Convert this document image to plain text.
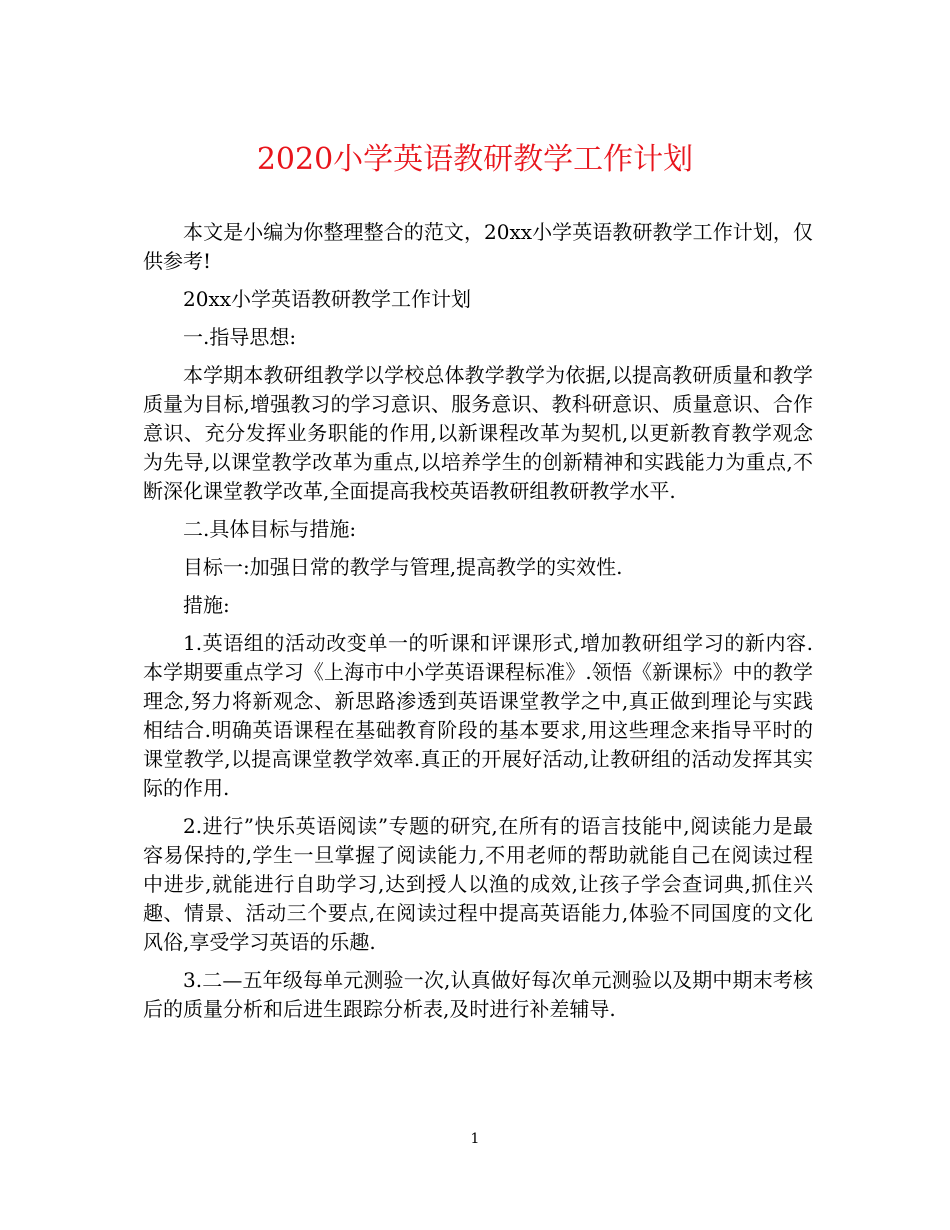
2020小学英语教研教学工作计划

本文是小编为你整理整合的范文，20xx小学英语教研教学工作计划，仅供参考!

20xx小学英语教研教学工作计划

一.指导思想:

本学期本教研组教学以学校总体教学教学为依据,以提高教研质量和教学质量为目标,增强教习的学习意识、服务意识、教科研意识、质量意识、合作意识、充分发挥业务职能的作用,以新课程改革为契机,以更新教育教学观念为先导,以课堂教学改革为重点,以培养学生的创新精神和实践能力为重点,不断深化课堂教学改革,全面提高我校英语教研组教研教学水平.

二.具体目标与措施:

目标一:加强日常的教学与管理,提高教学的实效性.

措施:

1.英语组的活动改变单一的听课和评课形式,增加教研组学习的新内容.本学期要重点学习《上海市中小学英语课程标准》.领悟《新课标》中的教学理念,努力将新观念、新思路渗透到英语课堂教学之中,真正做到理论与实践相结合.明确英语课程在基础教育阶段的基本要求,用这些理念来指导平时的课堂教学,以提高课堂教学效率.真正的开展好活动,让教研组的活动发挥其实际的作用.

2.进行”快乐英语阅读”专题的研究,在所有的语言技能中,阅读能力是最容易保持的,学生一旦掌握了阅读能力,不用老师的帮助就能自己在阅读过程中进步,就能进行自助学习,达到授人以渔的成效,让孩子学会查词典,抓住兴趣、情景、活动三个要点,在阅读过程中提高英语能力,体验不同国度的文化风俗,享受学习英语的乐趣.

3.二—五年级每单元测验一次,认真做好每次单元测验以及期中期末考核后的质量分析和后进生跟踪分析表,及时进行补差辅导.

1
